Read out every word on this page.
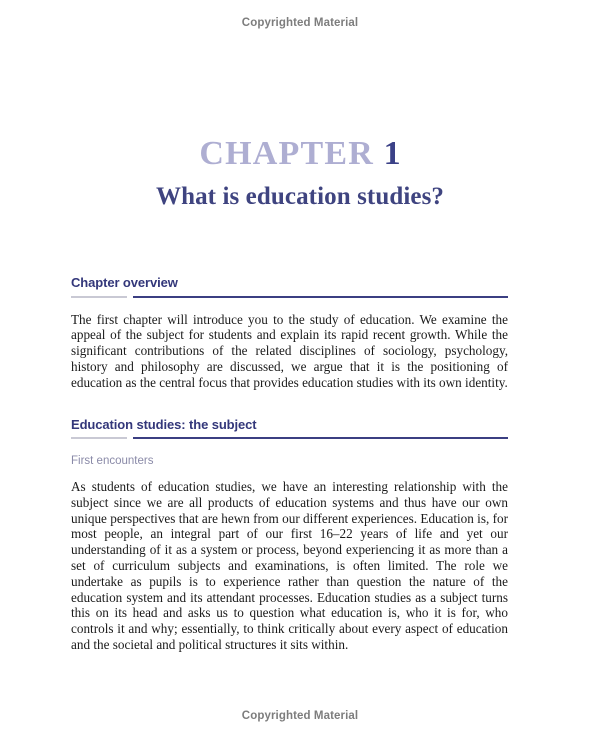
Copyrighted Material
CHAPTER 1
What is education studies?
Chapter overview

The first chapter will introduce you to the study of education. We examine the appeal of the subject for students and explain its rapid recent growth. While the significant contributions of the related disciplines of sociology, psychology, history and philosophy are discussed, we argue that it is the positioning of education as the central focus that provides education studies with its own identity.

Education studies: the subject
First encounters

As students of education studies, we have an interesting relationship with the subject since we are all products of education systems and thus have our own unique perspectives that are hewn from our different experiences. Education is, for most people, an integral part of our first 16–22 years of life and yet our understanding of it as a system or process, beyond experiencing it as more than a set of curriculum subjects and examinations, is often limited. The role we undertake as pupils is to experience rather than question the nature of the education system and its attendant processes. Education studies as a subject turns this on its head and asks us to question what education is, who it is for, who controls it and why; essentially, to think critically about every aspect of education and the societal and political structures it sits within.

Copyrighted Material
